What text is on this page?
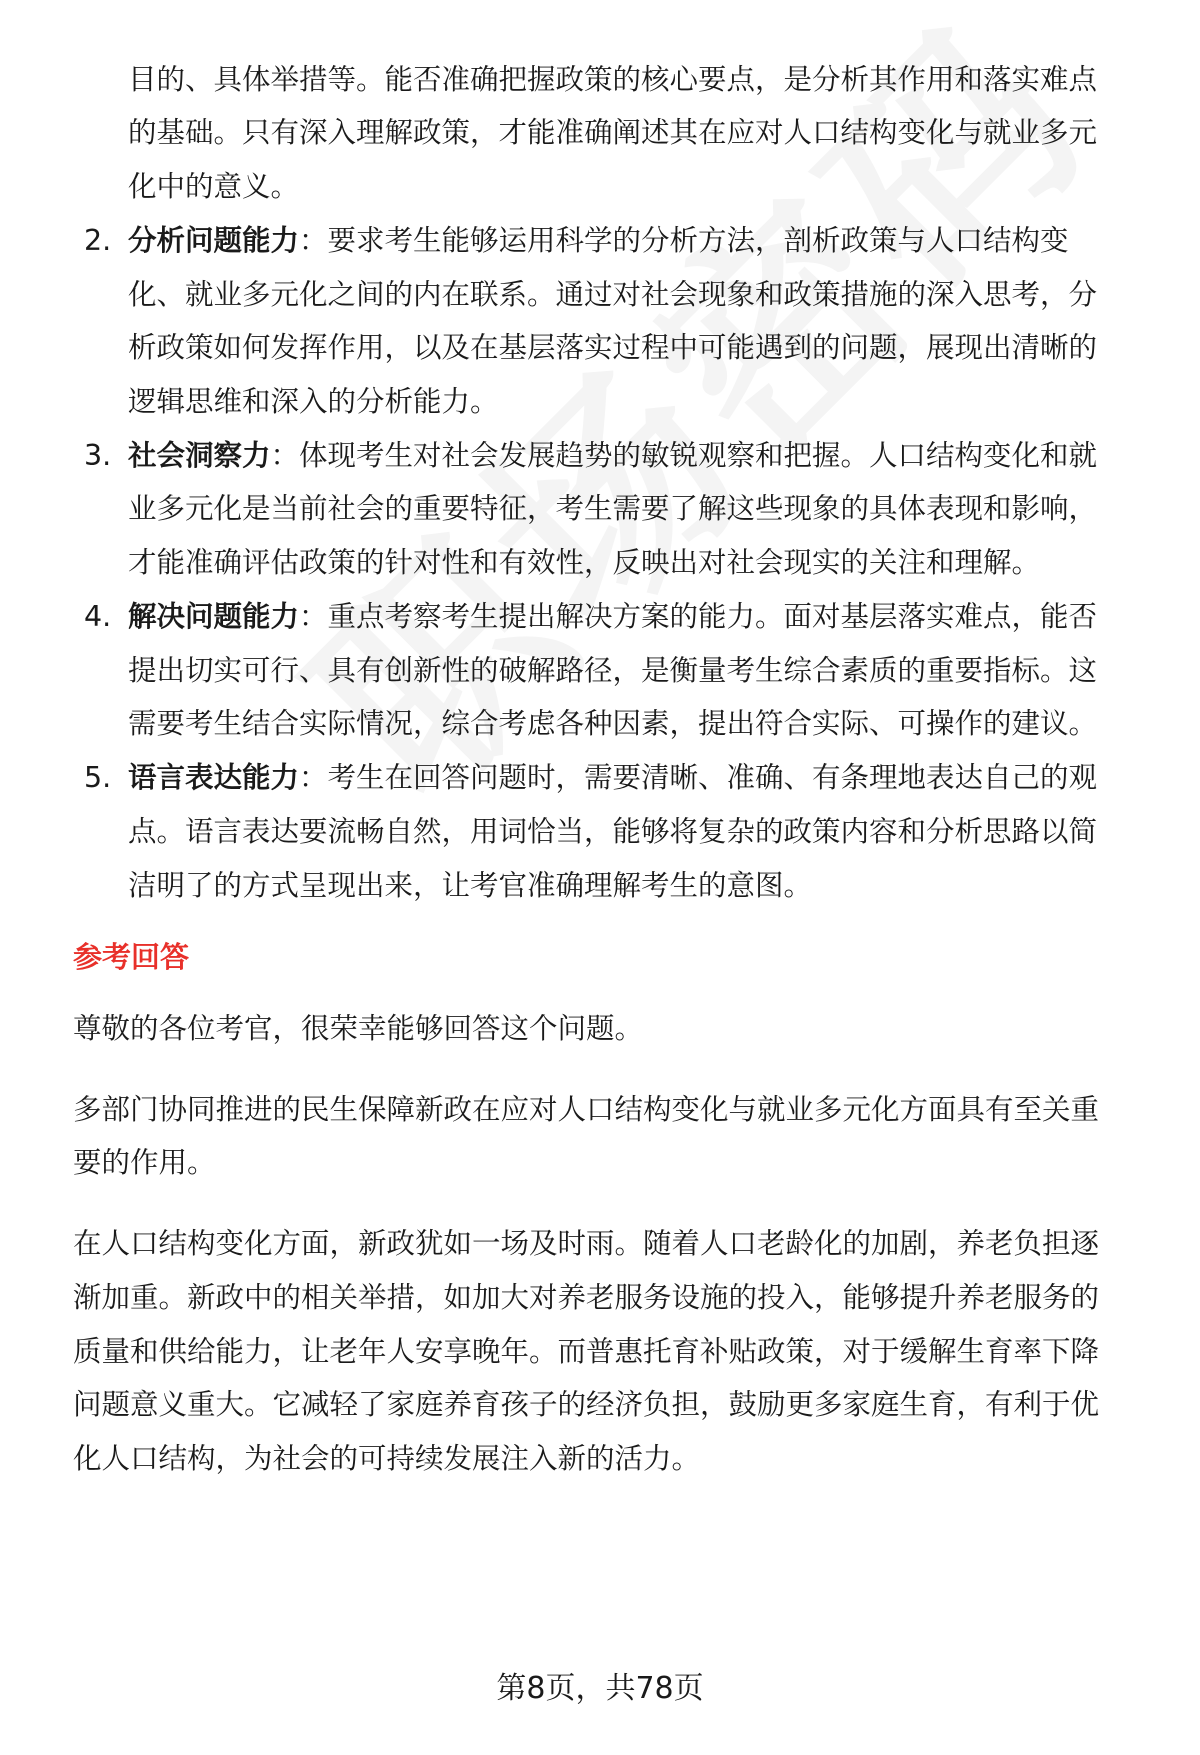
目的、具体举措等。能否准确把握政策的核心要点，是分析其作用和落实难点
的基础。只有深入理解政策，才能准确阐述其在应对人口结构变化与就业多元
化中的意义。
2. 分析问题能力：要求考生能够运用科学的分析方法，剖析政策与人口结构变
化、就业多元化之间的内在联系。通过对社会现象和政策措施的深入思考，分
析政策如何发挥作用，以及在基层落实过程中可能遇到的问题，展现出清晰的
逻辑思维和深入的分析能力。
3. 社会洞察力：体现考生对社会发展趋势的敏锐观察和把握。人口结构变化和就
业多元化是当前社会的重要特征，考生需要了解这些现象的具体表现和影响，
才能准确评估政策的针对性和有效性，反映出对社会现实的关注和理解。
4. 解决问题能力：重点考察考生提出解决方案的能力。面对基层落实难点，能否
提出切实可行、具有创新性的破解路径，是衡量考生综合素质的重要指标。这
需要考生结合实际情况，综合考虑各种因素，提出符合实际、可操作的建议。
5. 语言表达能力：考生在回答问题时，需要清晰、准确、有条理地表达自己的观
点。语言表达要流畅自然，用词恰当，能够将复杂的政策内容和分析思路以简
洁明了的方式呈现出来，让考官准确理解考生的意图。
参考回答
尊敬的各位考官，很荣幸能够回答这个问题。
多部门协同推进的民生保障新政在应对人口结构变化与就业多元化方面具有至关重
要的作用。
在人口结构变化方面，新政犹如一场及时雨。随着人口老龄化的加剧，养老负担逐
渐加重。新政中的相关举措，如加大对养老服务设施的投入，能够提升养老服务的
质量和供给能力，让老年人安享晚年。而普惠托育补贴政策，对于缓解生育率下降
问题意义重大。它减轻了家庭养育孩子的经济负担，鼓励更多家庭生育，有利于优
化人口结构，为社会的可持续发展注入新的活力。
第8页，共78页
